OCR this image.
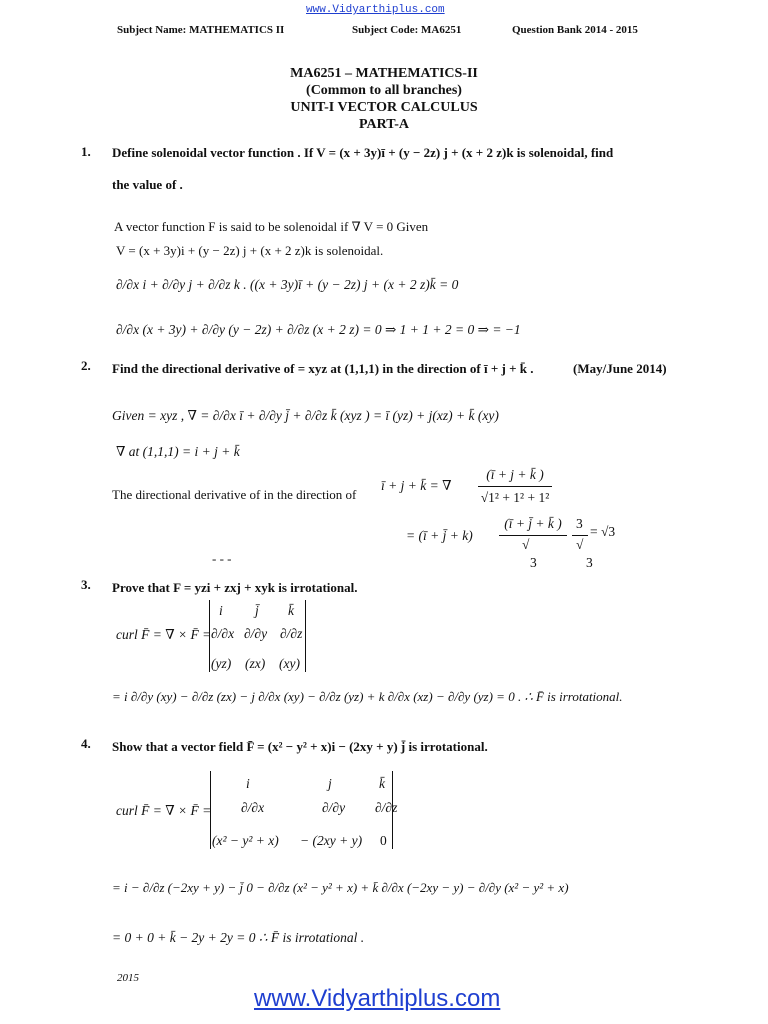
www.Vidyarthiplus.com
Subject Name: MATHEMATICS II	Subject Code: MA6251	Question Bank 2014 - 2015
MA6251 – MATHEMATICS-II
(Common to all branches)
UNIT-I VECTOR CALCULUS
PART-A
1. Define solenoidal vector function . If V = (x + 3y)ī + (y − 2z) j + (x + 2 z)k is solenoidal, find
the value of .
A vector function F is said to be solenoidal if ∇ V = 0 Given
V = (x + 3y)i + (y − 2z) j + (x + 2 z)k is solenoidal.
∂/∂x i + ∂/∂y j + ∂/∂z k . ((x + 3y)ī + (y − 2z) j + (x + 2 z)k̄ = 0
∂/∂x (x + 3y) + ∂/∂y (y − 2z) + ∂/∂z (x + 2 z) = 0 ⇒ 1 + 1 + 2 = 0 ⇒ = −1
2. Find the directional derivative of = xyz at (1,1,1) in the direction of ī + j + k̄ .	(May/June 2014)
Given = xyz , ∇ = ∂/∂x ī + ∂/∂y j̄ + ∂/∂z k̄ (xyz ) = ī (yz) + j(xz) + k̄ (xy)
∇ at (1,1,1) = i + j + k̄
The directional derivative of in the direction of
ī + j + k̄ = ∇
(ī + j + k̄ )
√1² + 1² + 1²
= (ī + j̄ + k)
(ī + j̄ + k̄ )
√
3
√
= √3
3	3
- - -
3. Prove that F = yzi + zxj + xyk is irrotational.
curl F̄ = ∇ × F̄ =
i j̄ k̄
∂/∂x ∂/∂y ∂/∂z
(yz) (zx) (xy)
= i ∂/∂y (xy) − ∂/∂z (zx) − j ∂/∂x (xy) − ∂/∂z (yz) + k ∂/∂x (xz) − ∂/∂y (yz) = 0 . ∴ F̄ is irrotational.
4. Show that a vector field F̄ = (x² − y² + x)i − (2xy + y) j̄ is irrotational.
curl F̄ = ∇ × F̄ =
i	j	k̄
∂/∂x	∂/∂y ∂/∂z
(x² − y² + x) − (2xy + y) 0
= i − ∂/∂z (−2xy + y) − j̄ 0 − ∂/∂z (x² − y² + x) + k̄ ∂/∂x (−2xy − y) − ∂/∂y (x² − y² + x)
= 0 + 0 + k̄ − 2y + 2y = 0 ∴ F̄ is irrotational .
2015
www.Vidyarthiplus.com
